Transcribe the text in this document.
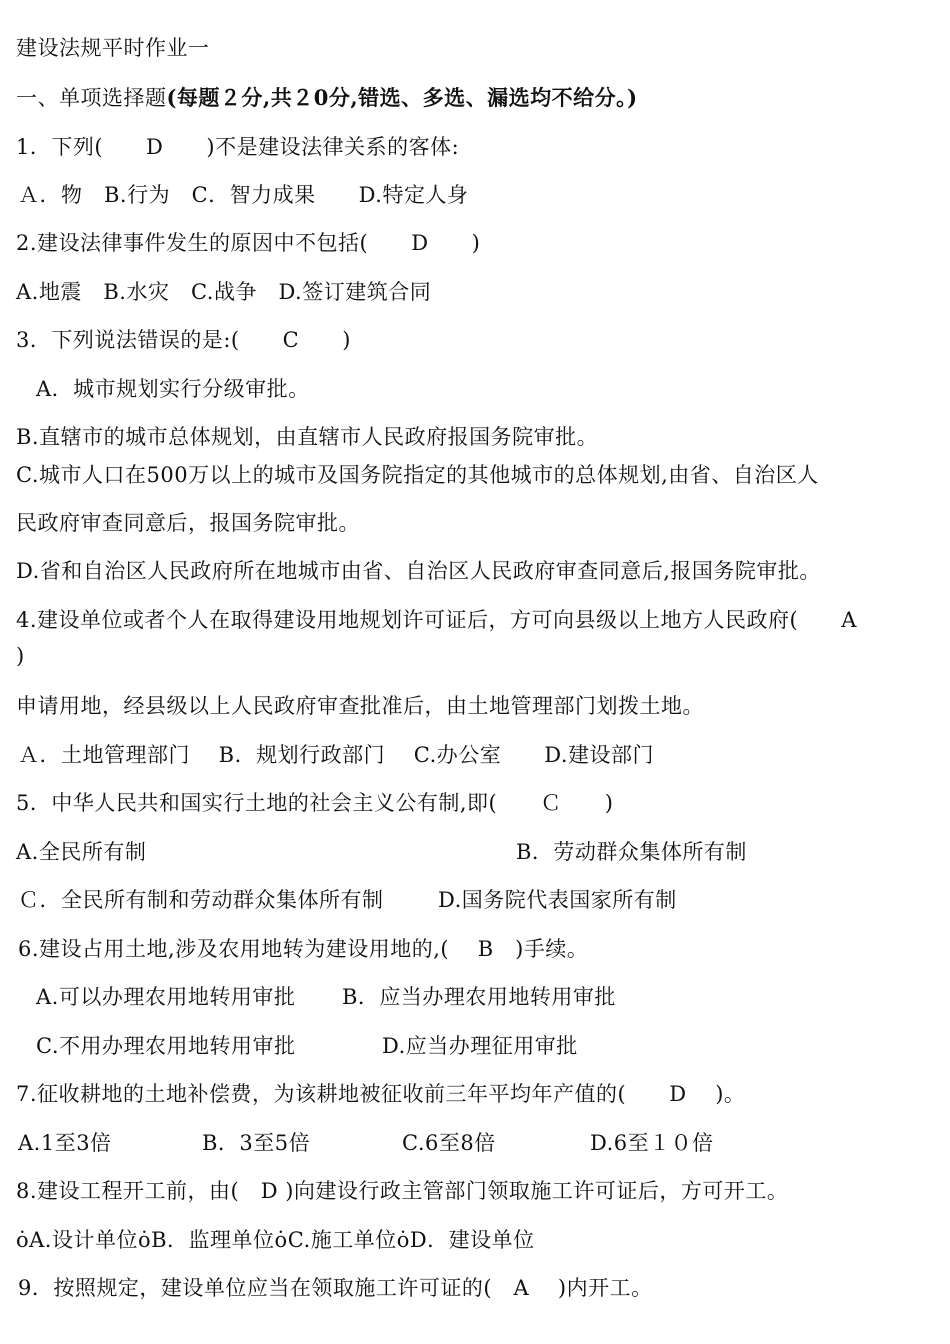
建设法规平时作业一
一、单项选择题(每题２分,共２0分,错选、多选、漏选均不给分。)
1．下列(　　D　　)不是建设法律关系的客体:
Ａ．物　B.行为　C．智力成果　　D.特定人身
2.建设法律事件发生的原因中不包括(　　D　　)
A.地震　B.水灾　C.战争　D.签订建筑合同
3．下列说法错误的是:(　　C　　)
A．城市规划实行分级审批。
B.直辖市的城市总体规划，由直辖市人民政府报国务院审批。
C.城市人口在500万以上的城市及国务院指定的其他城市的总体规划,由省、自治区人
民政府审查同意后，报国务院审批。
D.省和自治区人民政府所在地城市由省、自治区人民政府审查同意后,报国务院审批。
4.建设单位或者个人在取得建设用地规划许可证后，方可向县级以上地方人民政府(　　A
)
申请用地，经县级以上人民政府审查批准后，由土地管理部门划拨土地。
Ａ．土地管理部门　 B．规划行政部门　 C.办公室　　D.建设部门
5．中华人民共和国实行土地的社会主义公有制,即(　　Ｃ　　)
A.全民所有制	B．劳动群众集体所有制
Ｃ．全民所有制和劳动群众集体所有制	D.国务院代表国家所有制
6.建设占用土地,涉及农用地转为建设用地的,(　 B　)手续。
A.可以办理农用地转用审批 B．应当办理农用地转用审批
C.不用办理农用地转用审批	D.应当办理征用审批
7.征收耕地的土地补偿费，为该耕地被征收前三年平均年产值的(　　D　 )。
A.1至3倍	B．3至5倍	C.6至8倍	D.6至１０倍
8.建设工程开工前，由(　D )向建设行政主管部门领取施工许可证后，方可开工。
ȯA.设计单位ȯB．监理单位ȯC.施工单位ȯD．建设单位
9．按照规定，建设单位应当在领取施工许可证的(　A　 )内开工。
